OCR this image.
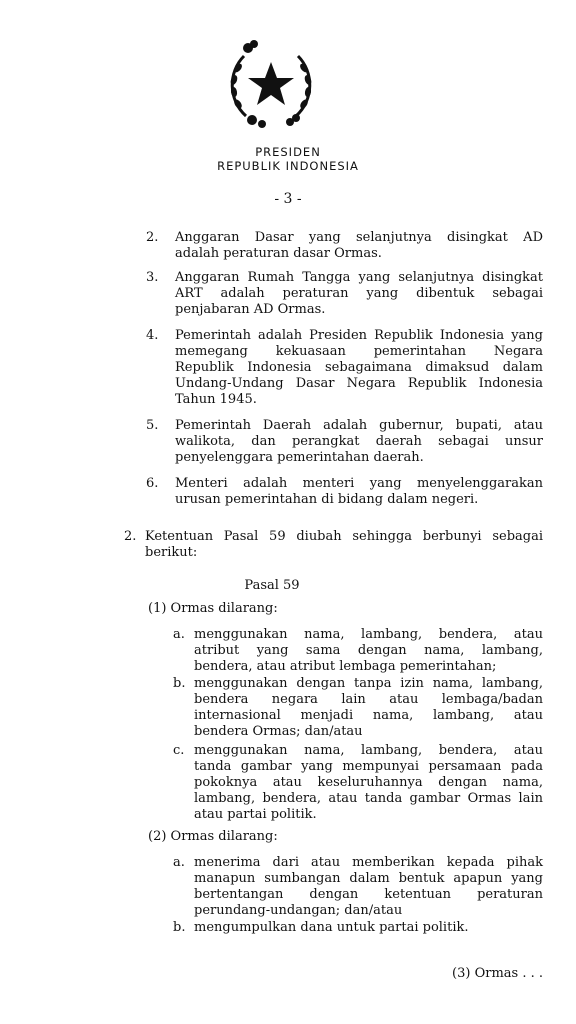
PRESIDEN
REPUBLIK INDONESIA
- 3 -
2. Anggaran Dasar yang selanjutnya disingkat AD
adalah peraturan dasar Ormas.
3. Anggaran Rumah Tangga yang selanjutnya disingkat
ART adalah peraturan yang dibentuk sebagai
penjabaran AD Ormas.
4. Pemerintah adalah Presiden Republik Indonesia yang
memegang kekuasaan pemerintahan Negara
Republik Indonesia sebagaimana dimaksud dalam
Undang-Undang Dasar Negara Republik Indonesia
Tahun 1945.
5. Pemerintah Daerah adalah gubernur, bupati, atau
walikota, dan perangkat daerah sebagai unsur
penyelenggara pemerintahan daerah.
6. Menteri adalah menteri yang menyelenggarakan
urusan pemerintahan di bidang dalam negeri.
2. Ketentuan Pasal 59 diubah sehingga berbunyi sebagai
berikut:
Pasal 59
(1) Ormas dilarang:
a. menggunakan nama, lambang, bendera, atau
atribut yang sama dengan nama, lambang,
bendera, atau atribut lembaga pemerintahan;
b. menggunakan dengan tanpa izin nama, lambang,
bendera negara lain atau lembaga/badan
internasional menjadi nama, lambang, atau
bendera Ormas; dan/atau
c. menggunakan nama, lambang, bendera, atau
tanda gambar yang mempunyai persamaan pada
pokoknya atau keseluruhannya dengan nama,
lambang, bendera, atau tanda gambar Ormas lain
atau partai politik.
(2) Ormas dilarang:
a. menerima dari atau memberikan kepada pihak
manapun sumbangan dalam bentuk apapun yang
bertentangan dengan ketentuan peraturan
perundang-undangan; dan/atau
b. mengumpulkan dana untuk partai politik.
(3) Ormas . . .
